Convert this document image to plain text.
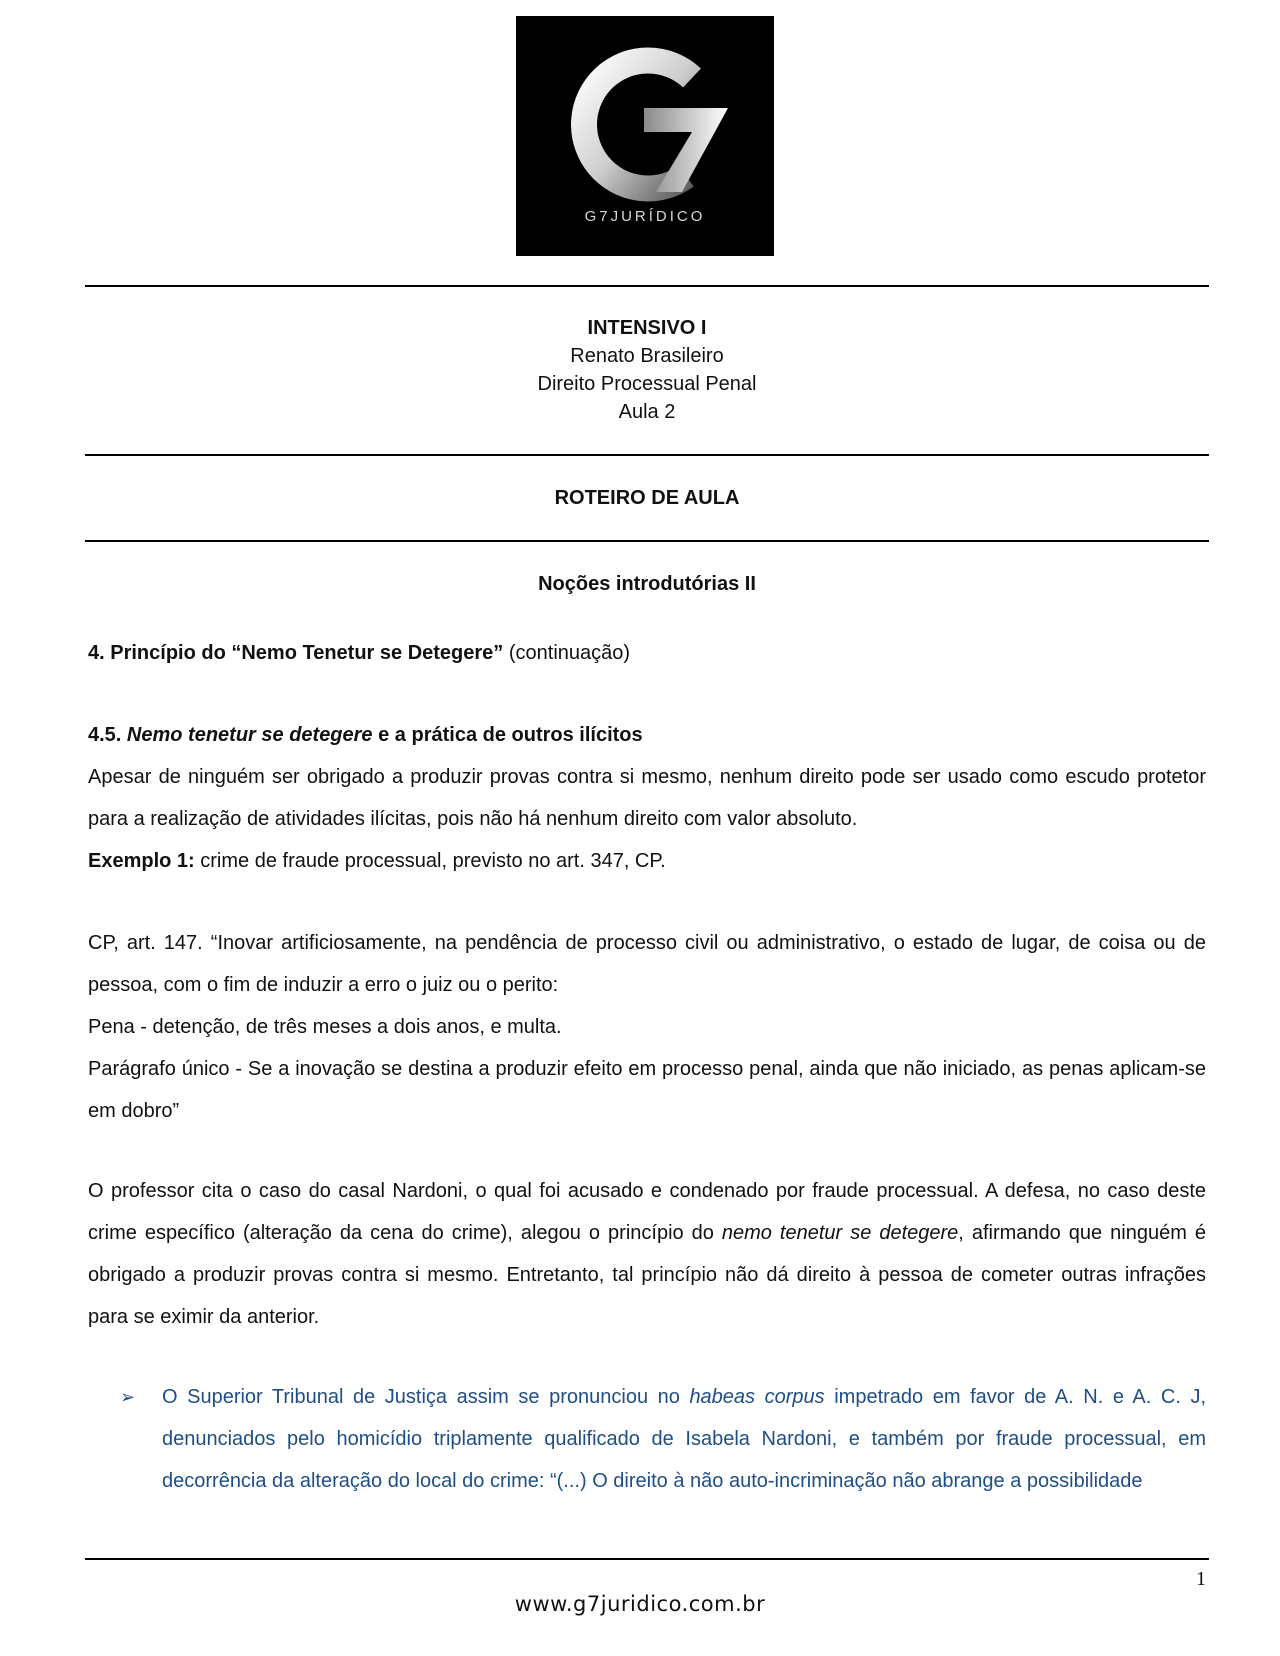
G7JURÍDICO
INTENSIVO I
Renato Brasileiro
Direito Processual Penal
Aula 2
ROTEIRO DE AULA
Noções introdutórias II

4. Princípio do “Nemo Tenetur se Detegere” (continuação)

4.5. Nemo tenetur se detegere e a prática de outros ilícitos

Apesar de ninguém ser obrigado a produzir provas contra si mesmo, nenhum direito pode ser usado como escudo protetor para a realização de atividades ilícitas, pois não há nenhum direito com valor absoluto.

Exemplo 1: crime de fraude processual, previsto no art. 347, CP.

CP, art. 147. “Inovar artificiosamente, na pendência de processo civil ou administrativo, o estado de lugar, de coisa ou de pessoa, com o fim de induzir a erro o juiz ou o perito:

Pena - detenção, de três meses a dois anos, e multa.

Parágrafo único - Se a inovação se destina a produzir efeito em processo penal, ainda que não iniciado, as penas aplicam-se em dobro”

O professor cita o caso do casal Nardoni, o qual foi acusado e condenado por fraude processual. A defesa, no caso deste crime específico (alteração da cena do crime), alegou o princípio do nemo tenetur se detegere, afirmando que ninguém é obrigado a produzir provas contra si mesmo. Entretanto, tal princípio não dá direito à pessoa de cometer outras infrações para se eximir da anterior.

➢	O Superior Tribunal de Justiça assim se pronunciou no habeas corpus impetrado em favor de A. N. e A. C. J, denunciados pelo homicídio triplamente qualificado de Isabela Nardoni, e também por fraude processual, em decorrência da alteração do local do crime: “(...) O direito à não auto-incriminação não abrange a possibilidade
1
www.g7juridico.com.br
